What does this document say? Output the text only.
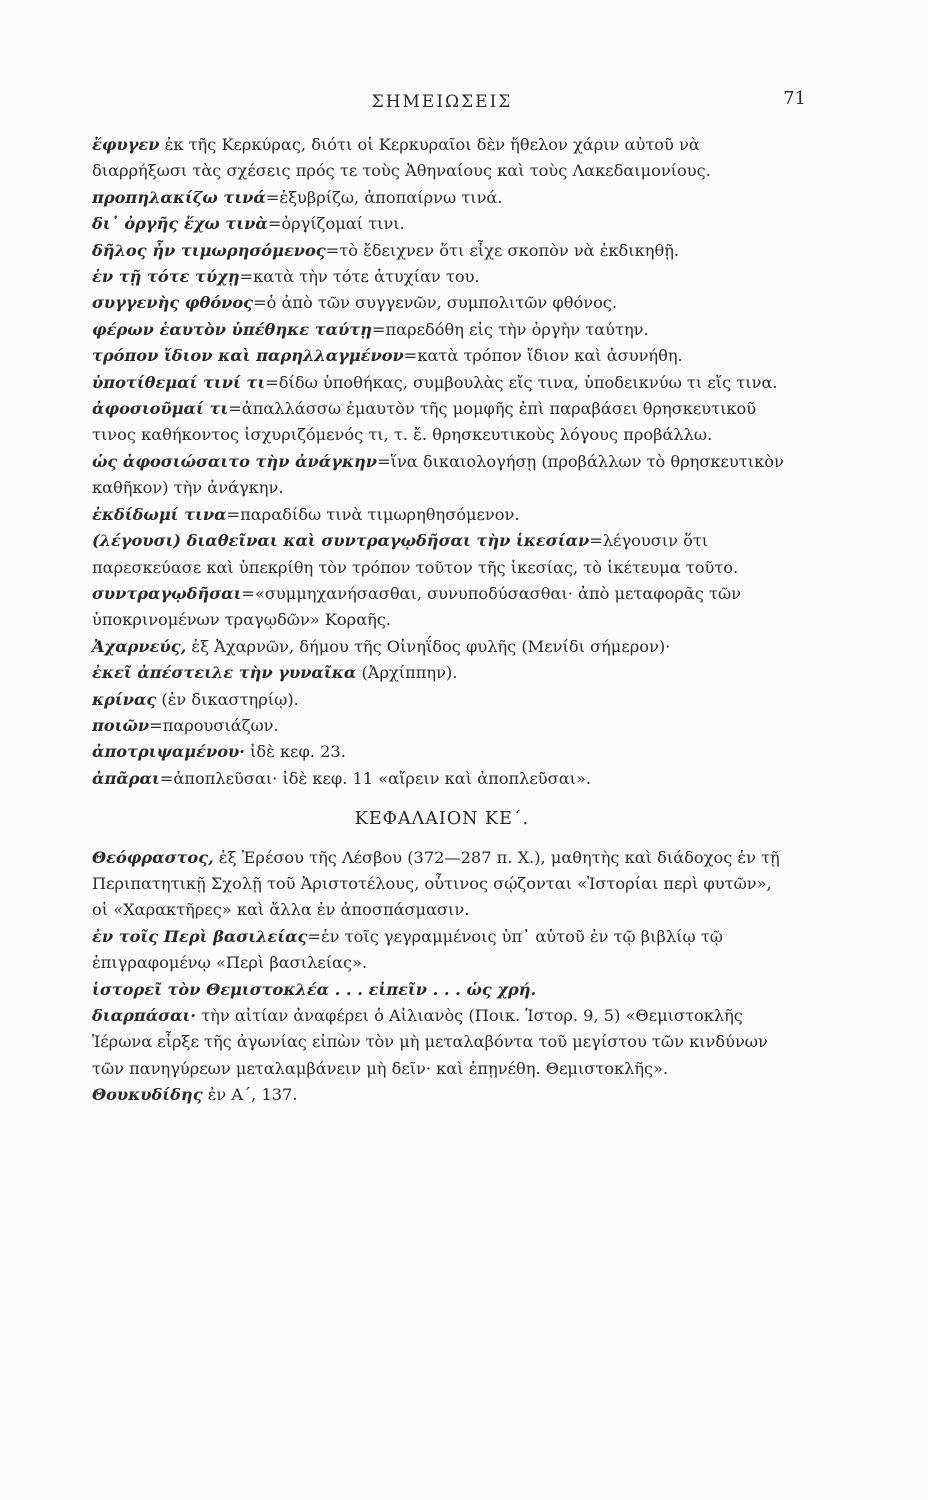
ΣΗΜΕΙΩΣΕΙΣ	71

ἔφυγεν ἐκ τῆς Κερκύρας, διότι οἱ Κερκυραῖοι δὲν ἤθελον χάριν αὐτοῦ νὰ διαρρήξωσι τὰς σχέσεις πρός τε τοὺς Ἀθηναίους καὶ τοὺς Λακεδαιμονίους.

προπηλακίζω τινά=ἐξυβρίζω, ἀποπαίρνω τινά.

δι᾽ ὀργῆς ἔχω τινὰ=ὀργίζομαί τινι.

δῆλος ἦν τιμωρησόμενος=τὸ ἔδειχνεν ὅτι εἶχε σκοπὸν νὰ ἐκδικηθῇ.

ἐν τῇ τότε τύχῃ=κατὰ τὴν τότε ἀτυχίαν του.

συγγενὴς φθόνος=ὁ ἀπὸ τῶν συγγενῶν, συμπολιτῶν φθόνος.

φέρων ἑαυτὸν ὑπέθηκε ταύτῃ=παρεδόθη εἰς τὴν ὀργὴν ταύτην.

τρόπον ἴδιον καὶ παρηλλαγμένον=κατὰ τρόπον ἴδιον καὶ ἀσυνήθη.

ὑποτίθεμαί τινί τι=δίδω ὑποθήκας, συμβουλὰς εἴς τινα, ὑποδεικνύω τι εἴς τινα.

ἀφοσιοῦμαί τι=ἀπαλλάσσω ἐμαυτὸν τῆς μομφῆς ἐπὶ παραβάσει θρησκευτικοῦ τινος καθήκοντος ἰσχυριζόμενός τι, τ. ἔ. θρησκευτικοὺς λόγους προβάλλω.

ὡς ἀφοσιώσαιτο τὴν ἀνάγκην=ἵνα δικαιολογήσῃ (προβάλλων τὸ θρησκευτικὸν καθῆκον) τὴν ἀνάγκην.

ἐκδίδωμί τινα=παραδίδω τινὰ τιμωρηθησόμενον.

(λέγουσι) διαθεῖναι καὶ συντραγῳδῆσαι τὴν ἱκεσίαν=λέγουσιν ὅτι παρεσκεύασε καὶ ὑπεκρίθη τὸν τρόπον τοῦτον τῆς ἱκεσίας, τὸ ἱκέτευμα τοῦτο.

συντραγῳδῆσαι=«συμμηχανήσασθαι, συνυποδύσασθαι· ἀπὸ μεταφορᾶς τῶν ὑποκρινομένων τραγῳδῶν» Κοραῆς.

Ἀχαρνεύς, ἐξ Ἀχαρνῶν, δήμου τῆς Οἰνηΐδος φυλῆς (Μενίδι σήμερον)·

ἐκεῖ ἀπέστειλε τὴν γυναῖκα (Ἀρχίππην).

κρίνας (ἐν δικαστηρίῳ).

ποιῶν=παρουσιάζων.

ἀποτριψαμένου· ἰδὲ κεφ. 23.

ἀπᾶραι=ἀποπλεῦσαι· ἰδὲ κεφ. 11 «αἴρειν καὶ ἀποπλεῦσαι».

ΚΕΦΑΛΑΙΟΝ ΚΕ΄.

Θεόφραστος, ἐξ Ἐρέσου τῆς Λέσβου (372—287 π. Χ.), μαθητὴς καὶ διάδοχος ἐν τῇ Περιπατητικῇ Σχολῇ τοῦ Ἀριστοτέλους, οὗτινος σῴζονται «Ἱστορίαι περὶ φυτῶν», οἱ «Χαρακτῆρες» καὶ ἄλλα ἐν ἀποσπάσμασιν.

ἐν τοῖς Περὶ βασιλείας=ἐν τοῖς γεγραμμένοις ὑπ᾽ αὐτοῦ ἐν τῷ βιβλίῳ τῷ ἐπιγραφομένῳ «Περὶ βασιλείας».

ἱστορεῖ τὸν Θεμιστοκλέα . . . εἰπεῖν . . . ὡς χρή.

διαρπάσαι· τὴν αἰτίαν ἀναφέρει ὁ Αἰλιανὸς (Ποικ. Ἱστορ. 9, 5) «Θεμιστοκλῆς Ἱέρωνα εἶρξε τῆς ἀγωνίας εἰπὼν τὸν μὴ μεταλαβόντα τοῦ μεγίστου τῶν κινδύνων τῶν πανηγύρεων μεταλαμβάνειν μὴ δεῖν· καὶ ἐπῃνέθη. Θεμιστοκλῆς».

Θουκυδίδης ἐν Α΄, 137.
